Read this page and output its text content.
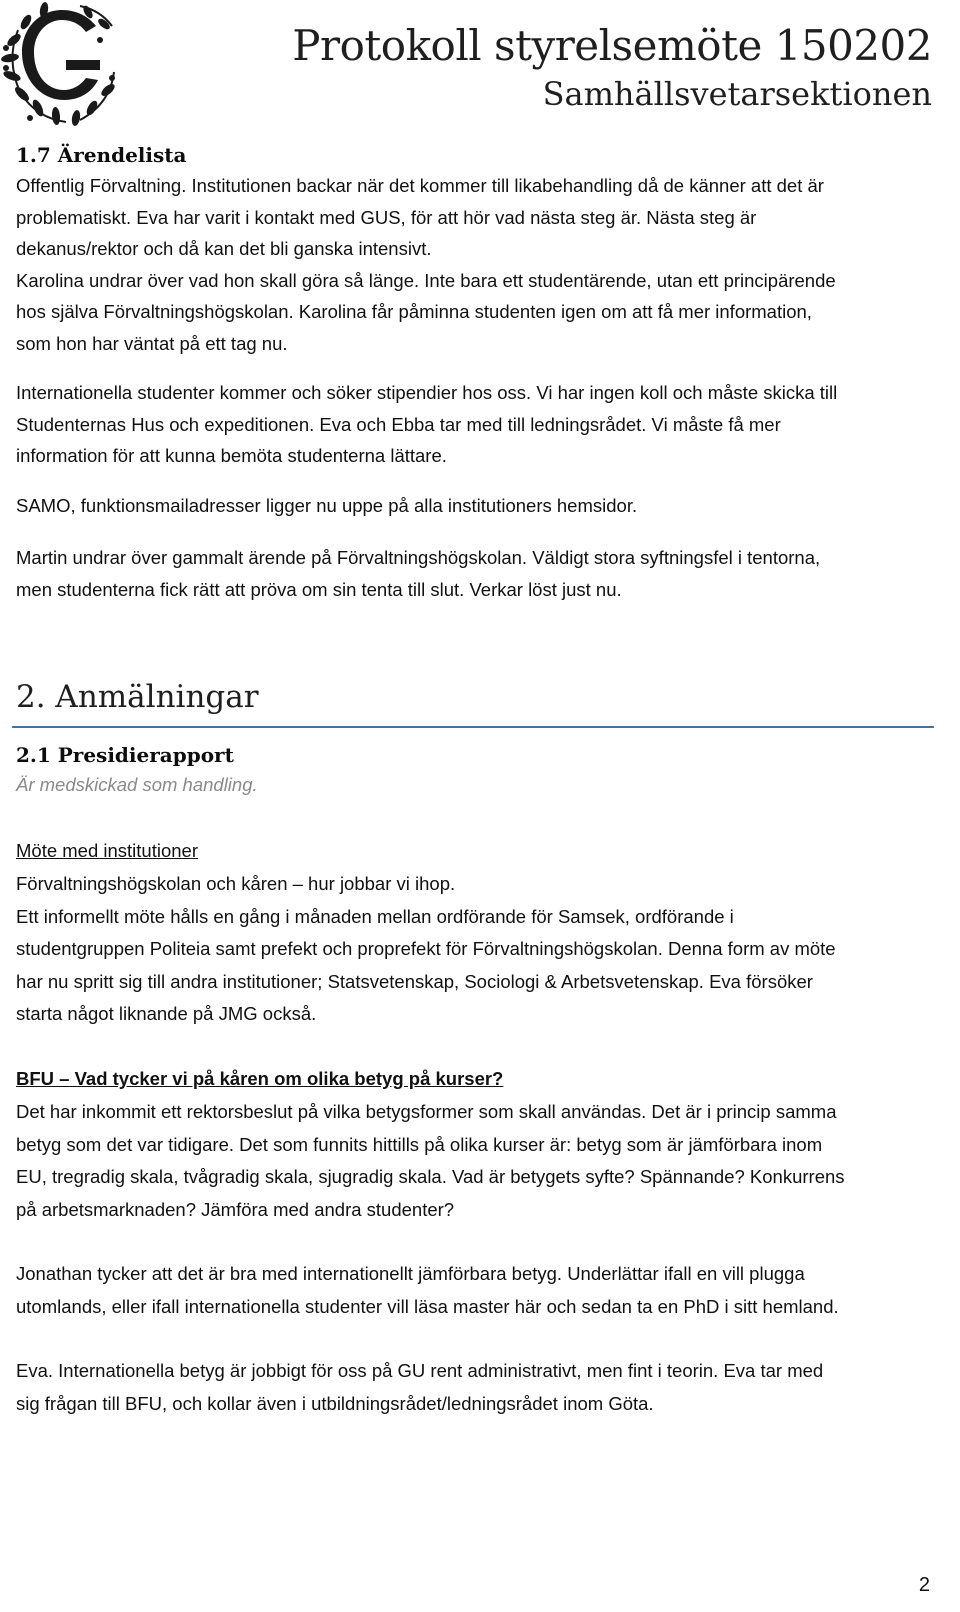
Protokoll styrelsemöte 150202
Samhällsvetarsektionen

1.7 Ärendelista

Offentlig Förvaltning. Institutionen backar när det kommer till likabehandling då de känner att det är

problematiskt. Eva har varit i kontakt med GUS, för att hör vad nästa steg är. Nästa steg är

dekanus/rektor och då kan det bli ganska intensivt.

Karolina undrar över vad hon skall göra så länge. Inte bara ett studentärende, utan ett principärende

hos själva Förvaltningshögskolan. Karolina får påminna studenten igen om att få mer information,

som hon har väntat på ett tag nu.

Internationella studenter kommer och söker stipendier hos oss. Vi har ingen koll och måste skicka till

Studenternas Hus och expeditionen. Eva och Ebba tar med till ledningsrådet. Vi måste få mer

information för att kunna bemöta studenterna lättare.

SAMO, funktionsmailadresser ligger nu uppe på alla institutioners hemsidor.

Martin undrar över gammalt ärende på Förvaltningshögskolan. Väldigt stora syftningsfel i tentorna,

men studenterna fick rätt att pröva om sin tenta till slut. Verkar löst just nu.

2. Anmälningar

2.1 Presidierapport

Är medskickad som handling.

Möte med institutioner

Förvaltningshögskolan och kåren – hur jobbar vi ihop.

Ett informellt möte hålls en gång i månaden mellan ordförande för Samsek, ordförande i

studentgruppen Politeia samt prefekt och proprefekt för Förvaltningshögskolan. Denna form av möte

har nu spritt sig till andra institutioner; Statsvetenskap, Sociologi & Arbetsvetenskap. Eva försöker

starta något liknande på JMG också.

BFU – Vad tycker vi på kåren om olika betyg på kurser?

Det har inkommit ett rektorsbeslut på vilka betygsformer som skall användas. Det är i princip samma

betyg som det var tidigare. Det som funnits hittills på olika kurser är: betyg som är jämförbara inom

EU, tregradig skala, tvågradig skala, sjugradig skala. Vad är betygets syfte? Spännande? Konkurrens

på arbetsmarknaden? Jämföra med andra studenter?

Jonathan tycker att det är bra med internationellt jämförbara betyg. Underlättar ifall en vill plugga

utomlands, eller ifall internationella studenter vill läsa master här och sedan ta en PhD i sitt hemland.

Eva. Internationella betyg är jobbigt för oss på GU rent administrativt, men fint i teorin. Eva tar med

sig frågan till BFU, och kollar även i utbildningsrådet/ledningsrådet inom Göta.

2
